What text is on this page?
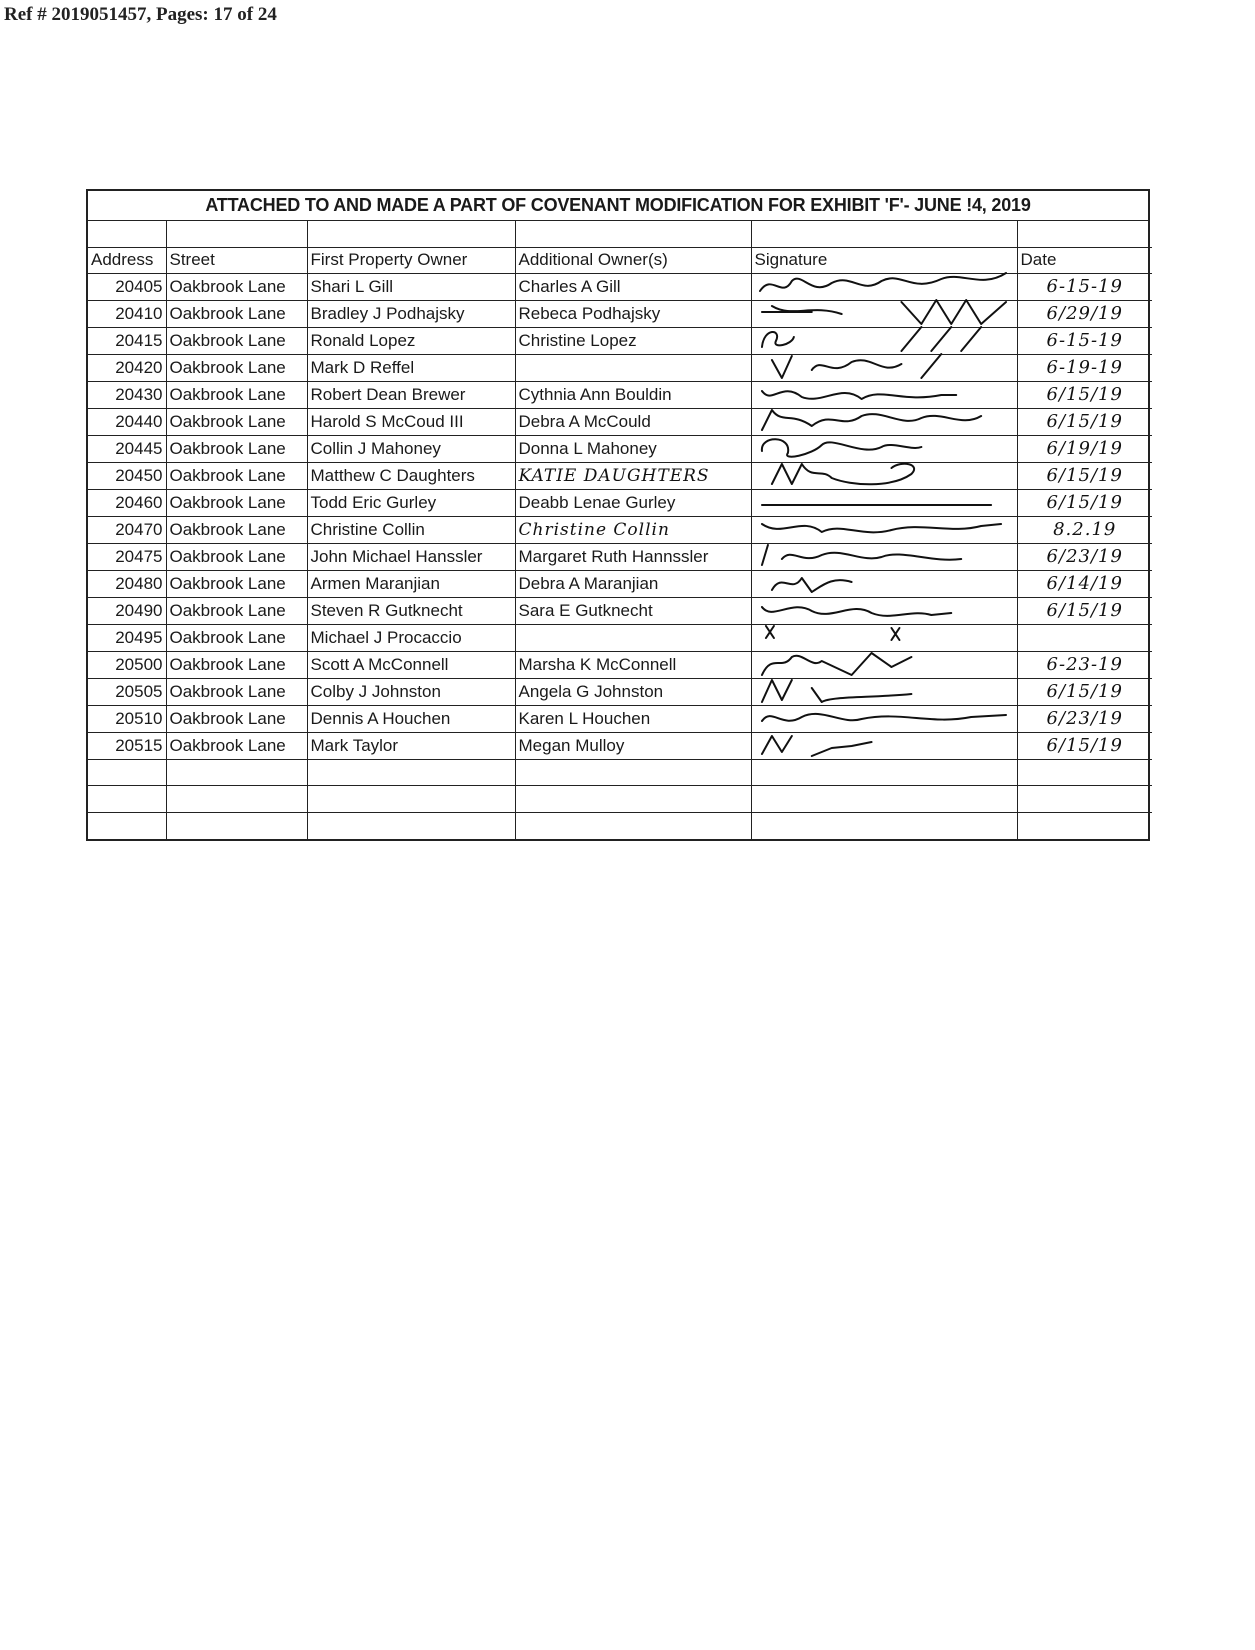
Ref # 2019051457, Pages: 17 of 24
ATTACHED TO AND MADE A PART OF COVENANT MODIFICATION FOR EXHIBIT 'F'- JUNE !4, 2019

Address	Street	First Property Owner	Additional Owner(s)	Signature	Date
20405	Oakbrook Lane	Shari L Gill	Charles A Gill		6-15-19

20410	Oakbrook Lane	Bradley J Podhajsky	Rebeca Podhajsky		6/29/19

20415	Oakbrook Lane	Ronald Lopez	Christine Lopez		6-15-19

20420	Oakbrook Lane	Mark D Reffel			6-19-19

20430	Oakbrook Lane	Robert Dean Brewer	Cythnia Ann Bouldin		6/15/19

20440	Oakbrook Lane	Harold S McCoud III	Debra A McCould		6/15/19

20445	Oakbrook Lane	Collin J Mahoney	Donna L Mahoney		6/19/19

20450	Oakbrook Lane	Matthew C Daughters	KATIE DAUGHTERS		6/15/19

20460	Oakbrook Lane	Todd Eric Gurley	Deabb Lenae Gurley		6/15/19

20470	Oakbrook Lane	Christine Collin	Christine Collin		8.2.19

20475	Oakbrook Lane	John Michael Hanssler	Margaret Ruth Hannssler		6/23/19

20480	Oakbrook Lane	Armen Maranjian	Debra A Maranjian		6/14/19

20490	Oakbrook Lane	Steven R Gutknecht	Sara E Gutknecht		6/15/19

20495	Oakbrook Lane	Michael J Procaccio		

20500	Oakbrook Lane	Scott A McConnell	Marsha K McConnell		6-23-19

20505	Oakbrook Lane	Colby J Johnston	Angela G Johnston		6/15/19

20510	Oakbrook Lane	Dennis A Houchen	Karen L Houchen		6/23/19

20515	Oakbrook Lane	Mark Taylor	Megan Mulloy		6/15/19
